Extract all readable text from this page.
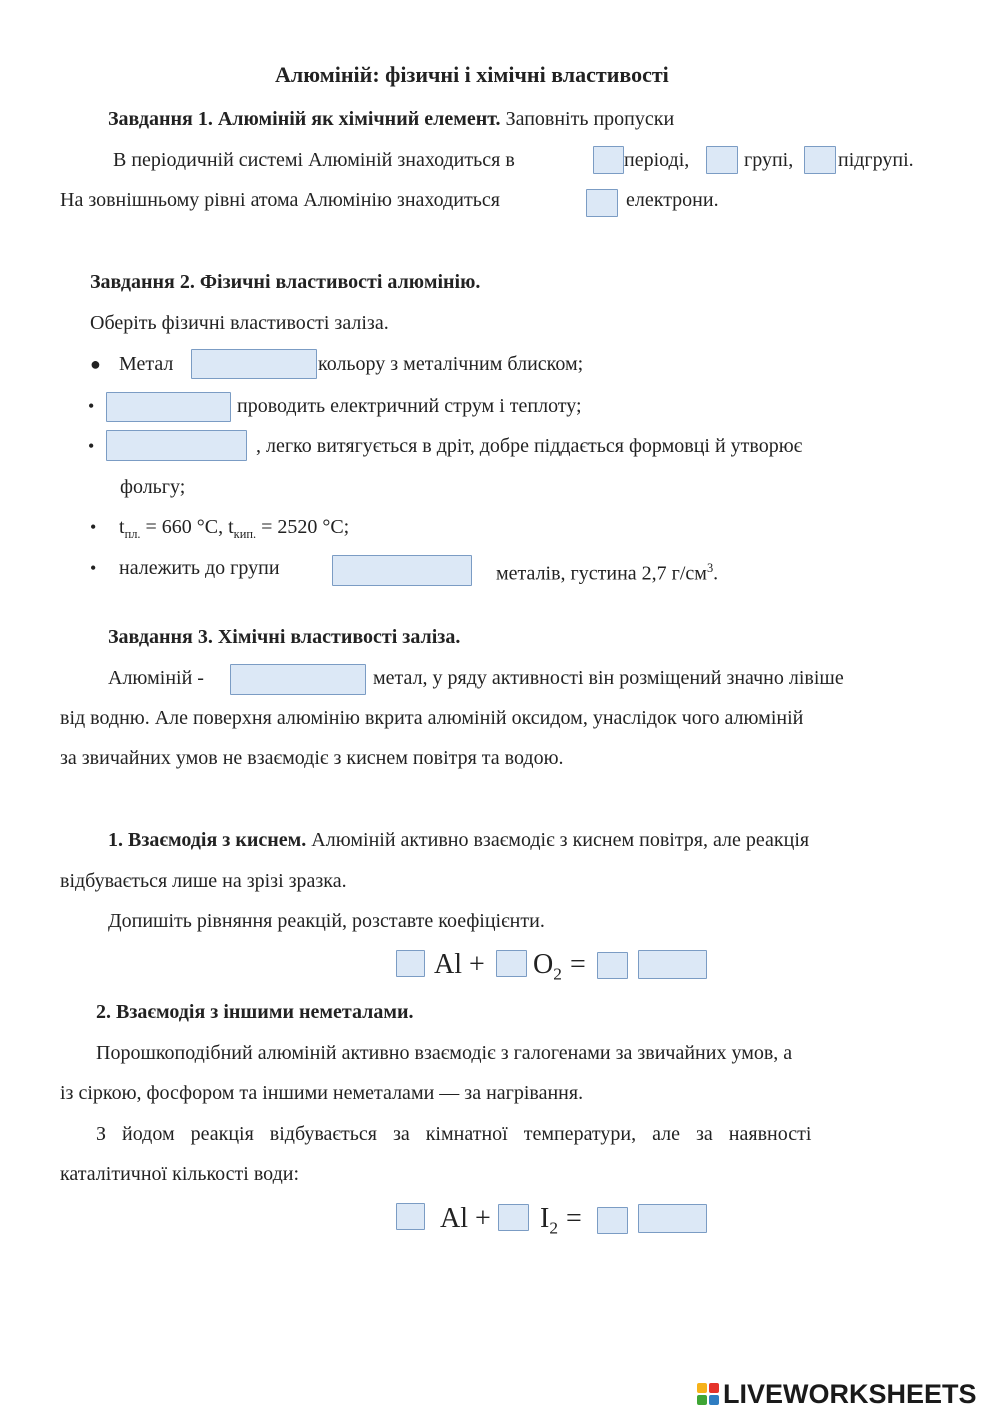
Алюміній: фізичні і хімічні властивості
Завдання 1. Алюміній як хімічний елемент. Заповніть пропуски
В періодичній системі Алюміній знаходиться в	періоді,	групі, підгрупі.
На зовнішньому рівні атома Алюмінію знаходиться	електрони.
Завдання 2. Фізичні властивості алюмінію.
Оберіть фізичні властивості заліза.
● Метал	кольору з металічним блиском;
•	проводить електричний струм і теплоту;
•	, легко витягується в дріт, добре піддається формовці й утворює
фольгу;
• $t_{пл.} = 660$ °С, $t_{кип.} = 2520$ °С;
• належить до групи	металів, густина 2,7 $г/см^3$.
Завдання 3. Хімічні властивості заліза.
Алюміній -	метал, у ряду активності він розміщений значно лівіше
від водню. Але поверхня алюмінію вкрита алюміній оксидом, унаслідок чого алюміній
за звичайних умов не взаємодіє з киснем повітря та водою.
1. Взаємодія з киснем. Алюміній активно взаємодіє з киснем повітря, але реакція
відбувається лише на зрізі зразка.
Допишіть рівняння реакцій, розставте коефіцієнти.
$Al + O_2$ =
2. Взаємодія з іншими неметалами.
Порошкоподібний алюміній активно взаємодіє з галогенами за звичайних умов, а
із сіркою, фосфором та іншими неметалами — за нагрівання.
З йодом реакція відбувається за кімнатної температури, але за наявності
каталітичної кількості води:
$Al + I_2$ =
LIVEWORKSHEETS
